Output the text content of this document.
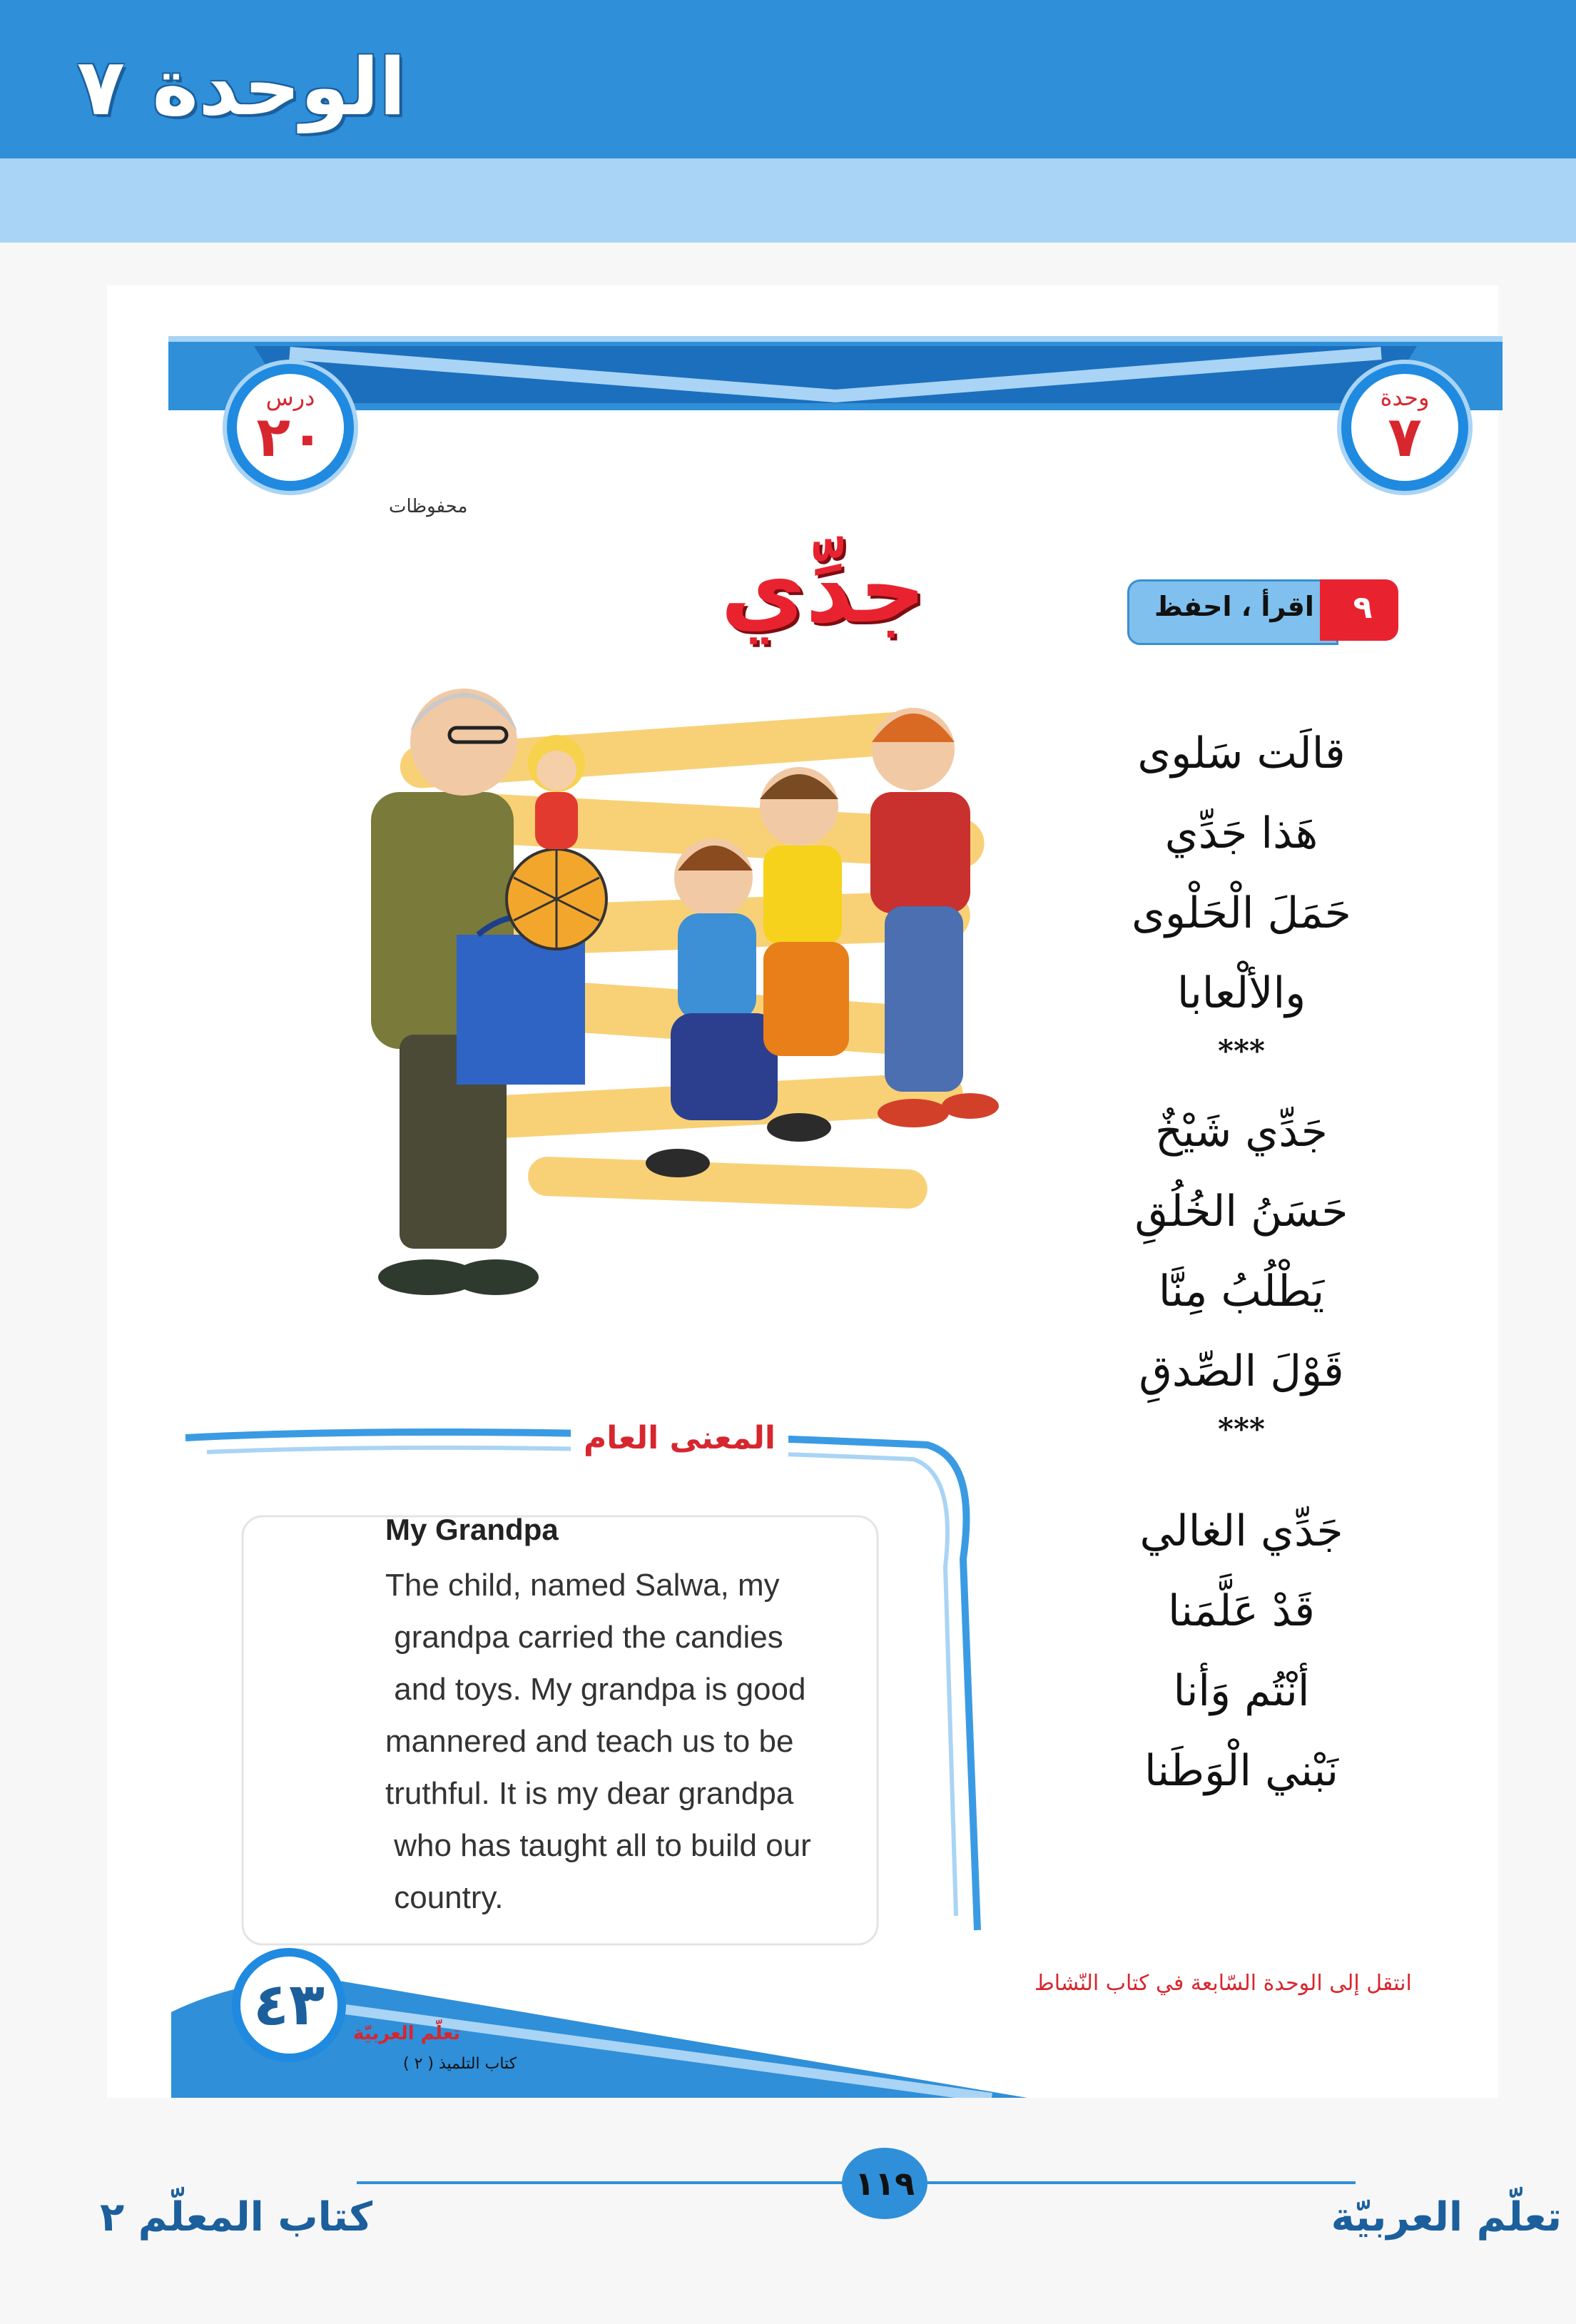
الوحدة ٧
وحدة
٧
درس
٢٠
محفوظات
جدِّي	اقرأ ، احفظ	٩
قالَت سَلوى
هَذا جَدِّي
حَمَلَ الْحَلْوى
والألْعابا
***
جَدِّي شَيْخٌ
حَسَنُ الخُلُقِ
يَطْلُبُ مِنَّا
قَوْلَ الصِّدقِ
***
جَدِّي الغالي
قَدْ عَلَّمَنا
أنْتُم وَأنا
نَبْني الْوَطَنا
المعنى العام
My Grandpa
The child, named Salwa, my
grandpa carried the candies
and toys. My grandpa is good
mannered and teach us to be
truthful. It is my dear grandpa
who has taught all to build our
country.
٤٣	تعلّم العربيّة
كتاب التلميذ ( ٢ )
انتقل إلى الوحدة السّابعة في كتاب النّشاط
١١٩
تعلّم العربيّة
كتاب المعلّم ٢
